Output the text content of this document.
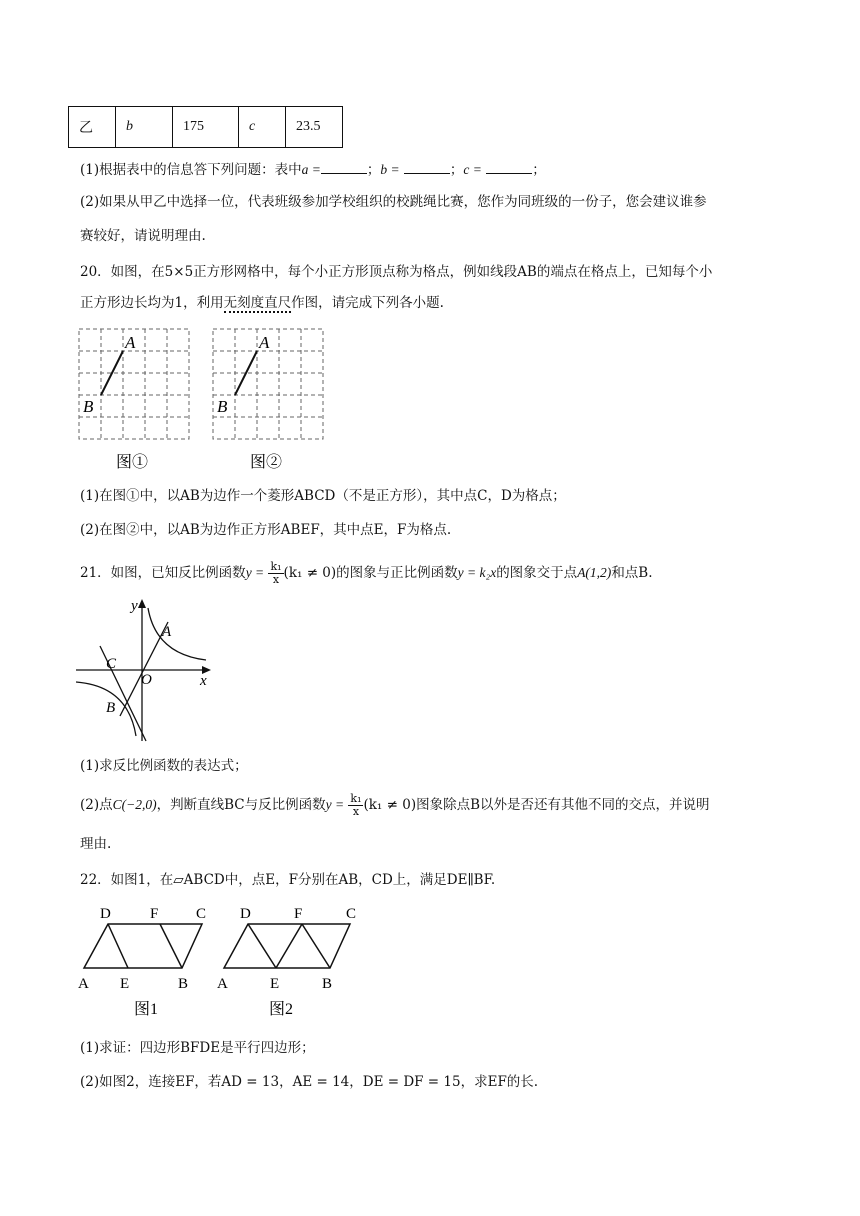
乙	b	175	c	23.5
(1)根据表中的信息答下列问题：表中a =	；b =	；c =	；
(2)如果从甲乙中选择一位，代表班级参加学校组织的校跳绳比赛，您作为同班级的一份子，您会建议谁参
赛较好，请说明理由.
20．如图，在5×5正方形网格中，每个小正方形顶点称为格点，例如线段AB的端点在格点上，已知每个小
正方形边长均为1，利用无刻度直尺作图，请完成下列各小题.
A
B
图①
A
B
图②
(1)在图①中，以AB为边作一个菱形ABCD（不是正方形），其中点C，D为格点；
(2)在图②中，以AB为边作正方形ABEF，其中点E，F为格点.
21．如图，已知反比例函数$y = \frac{\text{k₁}}{x} (k_1 \ne 0)$的图象与正比例函数y = k₂x的图象交于点A(1,2)和点B.
y
x
A
C
O
B
(1)求反比例函数的表达式；
(2)点C(−2,0)，判断直线BC与反比例函数$y = \frac{\text{k₁}}{x} (k_1 \ne 0)$图象除点B以外是否还有其他不同的交点，并说明
理由.
22．如图1，在▱ABCD中，点E，F分别在AB，CD上，满足DE∥BF.
D	F	C
A E	B
图1
D	F	C
A	E	B
图2
(1)求证：四边形BFDE是平行四边形；
(2)如图2，连接EF，若AD = 13，AE = 14，DE = DF = 15，求EF的长.
